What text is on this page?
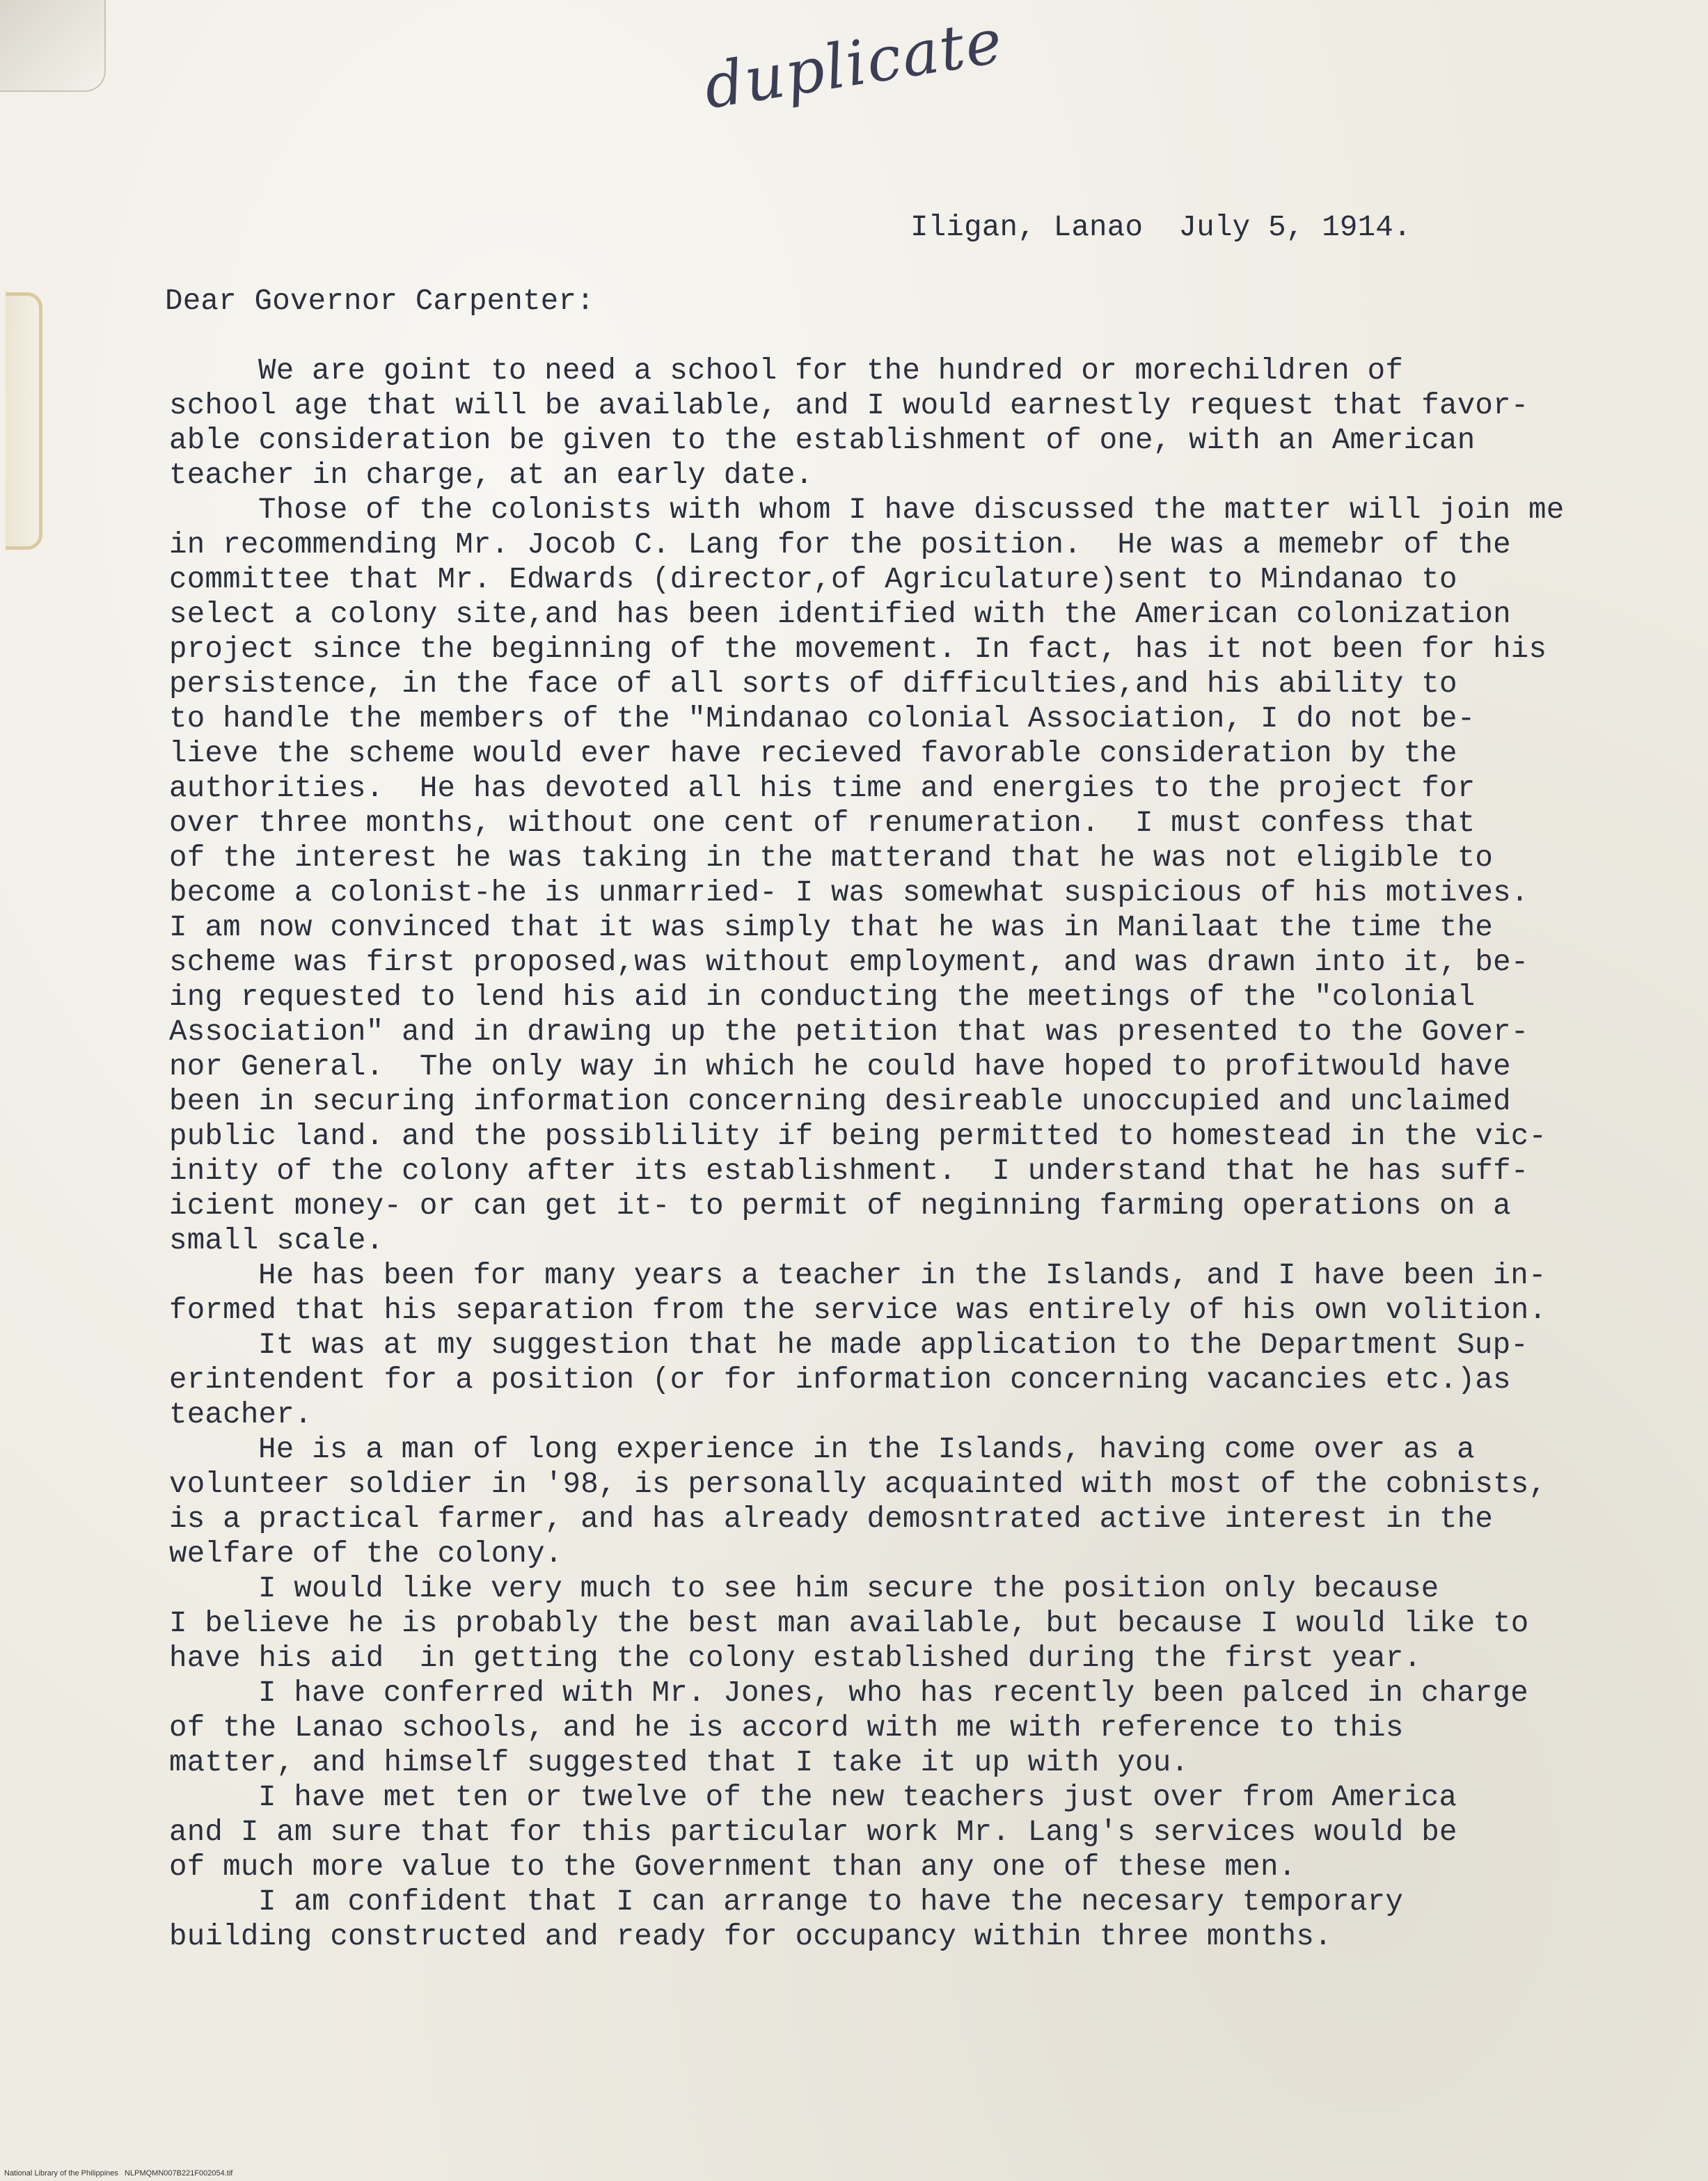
duplicate
Iligan, Lanao  July 5, 1914.
Dear Governor Carpenter:
We are goint to need a school for the hundred or morechildren of
school age that will be available, and I would earnestly request that favor-
able consideration be given to the establishment of one, with an American
teacher in charge, at an early date.
Those of the colonists with whom I have discussed the matter will join me
in recommending Mr. Jocob C. Lang for the position.  He was a memebr of the
committee that Mr. Edwards (director,of Agriculature)sent to Mindanao to
select a colony site,and has been identified with the American colonization
project since the beginning of the movement. In fact, has it not been for his
persistence, in the face of all sorts of difficulties,and his ability to
to handle the members of the "Mindanao colonial Association, I do not be-
lieve the scheme would ever have recieved favorable consideration by the
authorities.  He has devoted all his time and energies to the project for
over three months, without one cent of renumeration.  I must confess that
of the interest he was taking in the matterand that he was not eligible to
become a colonist-he is unmarried- I was somewhat suspicious of his motives.
I am now convinced that it was simply that he was in Manilaat the time the
scheme was first proposed,was without employment, and was drawn into it, be-
ing requested to lend his aid in conducting the meetings of the "colonial
Association" and in drawing up the petition that was presented to the Gover-
nor General.  The only way in which he could have hoped to profitwould have
been in securing information concerning desireable unoccupied and unclaimed
public land. and the possiblility if being permitted to homestead in the vic-
inity of the colony after its establishment.  I understand that he has suff-
icient money- or can get it- to permit of neginning farming operations on a
small scale.
He has been for many years a teacher in the Islands, and I have been in-
formed that his separation from the service was entirely of his own volition.
It was at my suggestion that he made application to the Department Sup-
erintendent for a position (or for information concerning vacancies etc.)as
teacher.
He is a man of long experience in the Islands, having come over as a
volunteer soldier in '98, is personally acquainted with most of the cobnists,
is a practical farmer, and has already demosntrated active interest in the
welfare of the colony.
I would like very much to see him secure the position only because
I believe he is probably the best man available, but because I would like to
have his aid  in getting the colony established during the first year.
I have conferred with Mr. Jones, who has recently been palced in charge
of the Lanao schools, and he is accord with me with reference to this
matter, and himself suggested that I take it up with you.
I have met ten or twelve of the new teachers just over from America
and I am sure that for this particular work Mr. Lang's services would be
of much more value to the Government than any one of these men.
I am confident that I can arrange to have the necesary temporary
building constructed and ready for occupancy within three months.
National Library of the Philippines   NLPMQMN007B221F002054.tif
